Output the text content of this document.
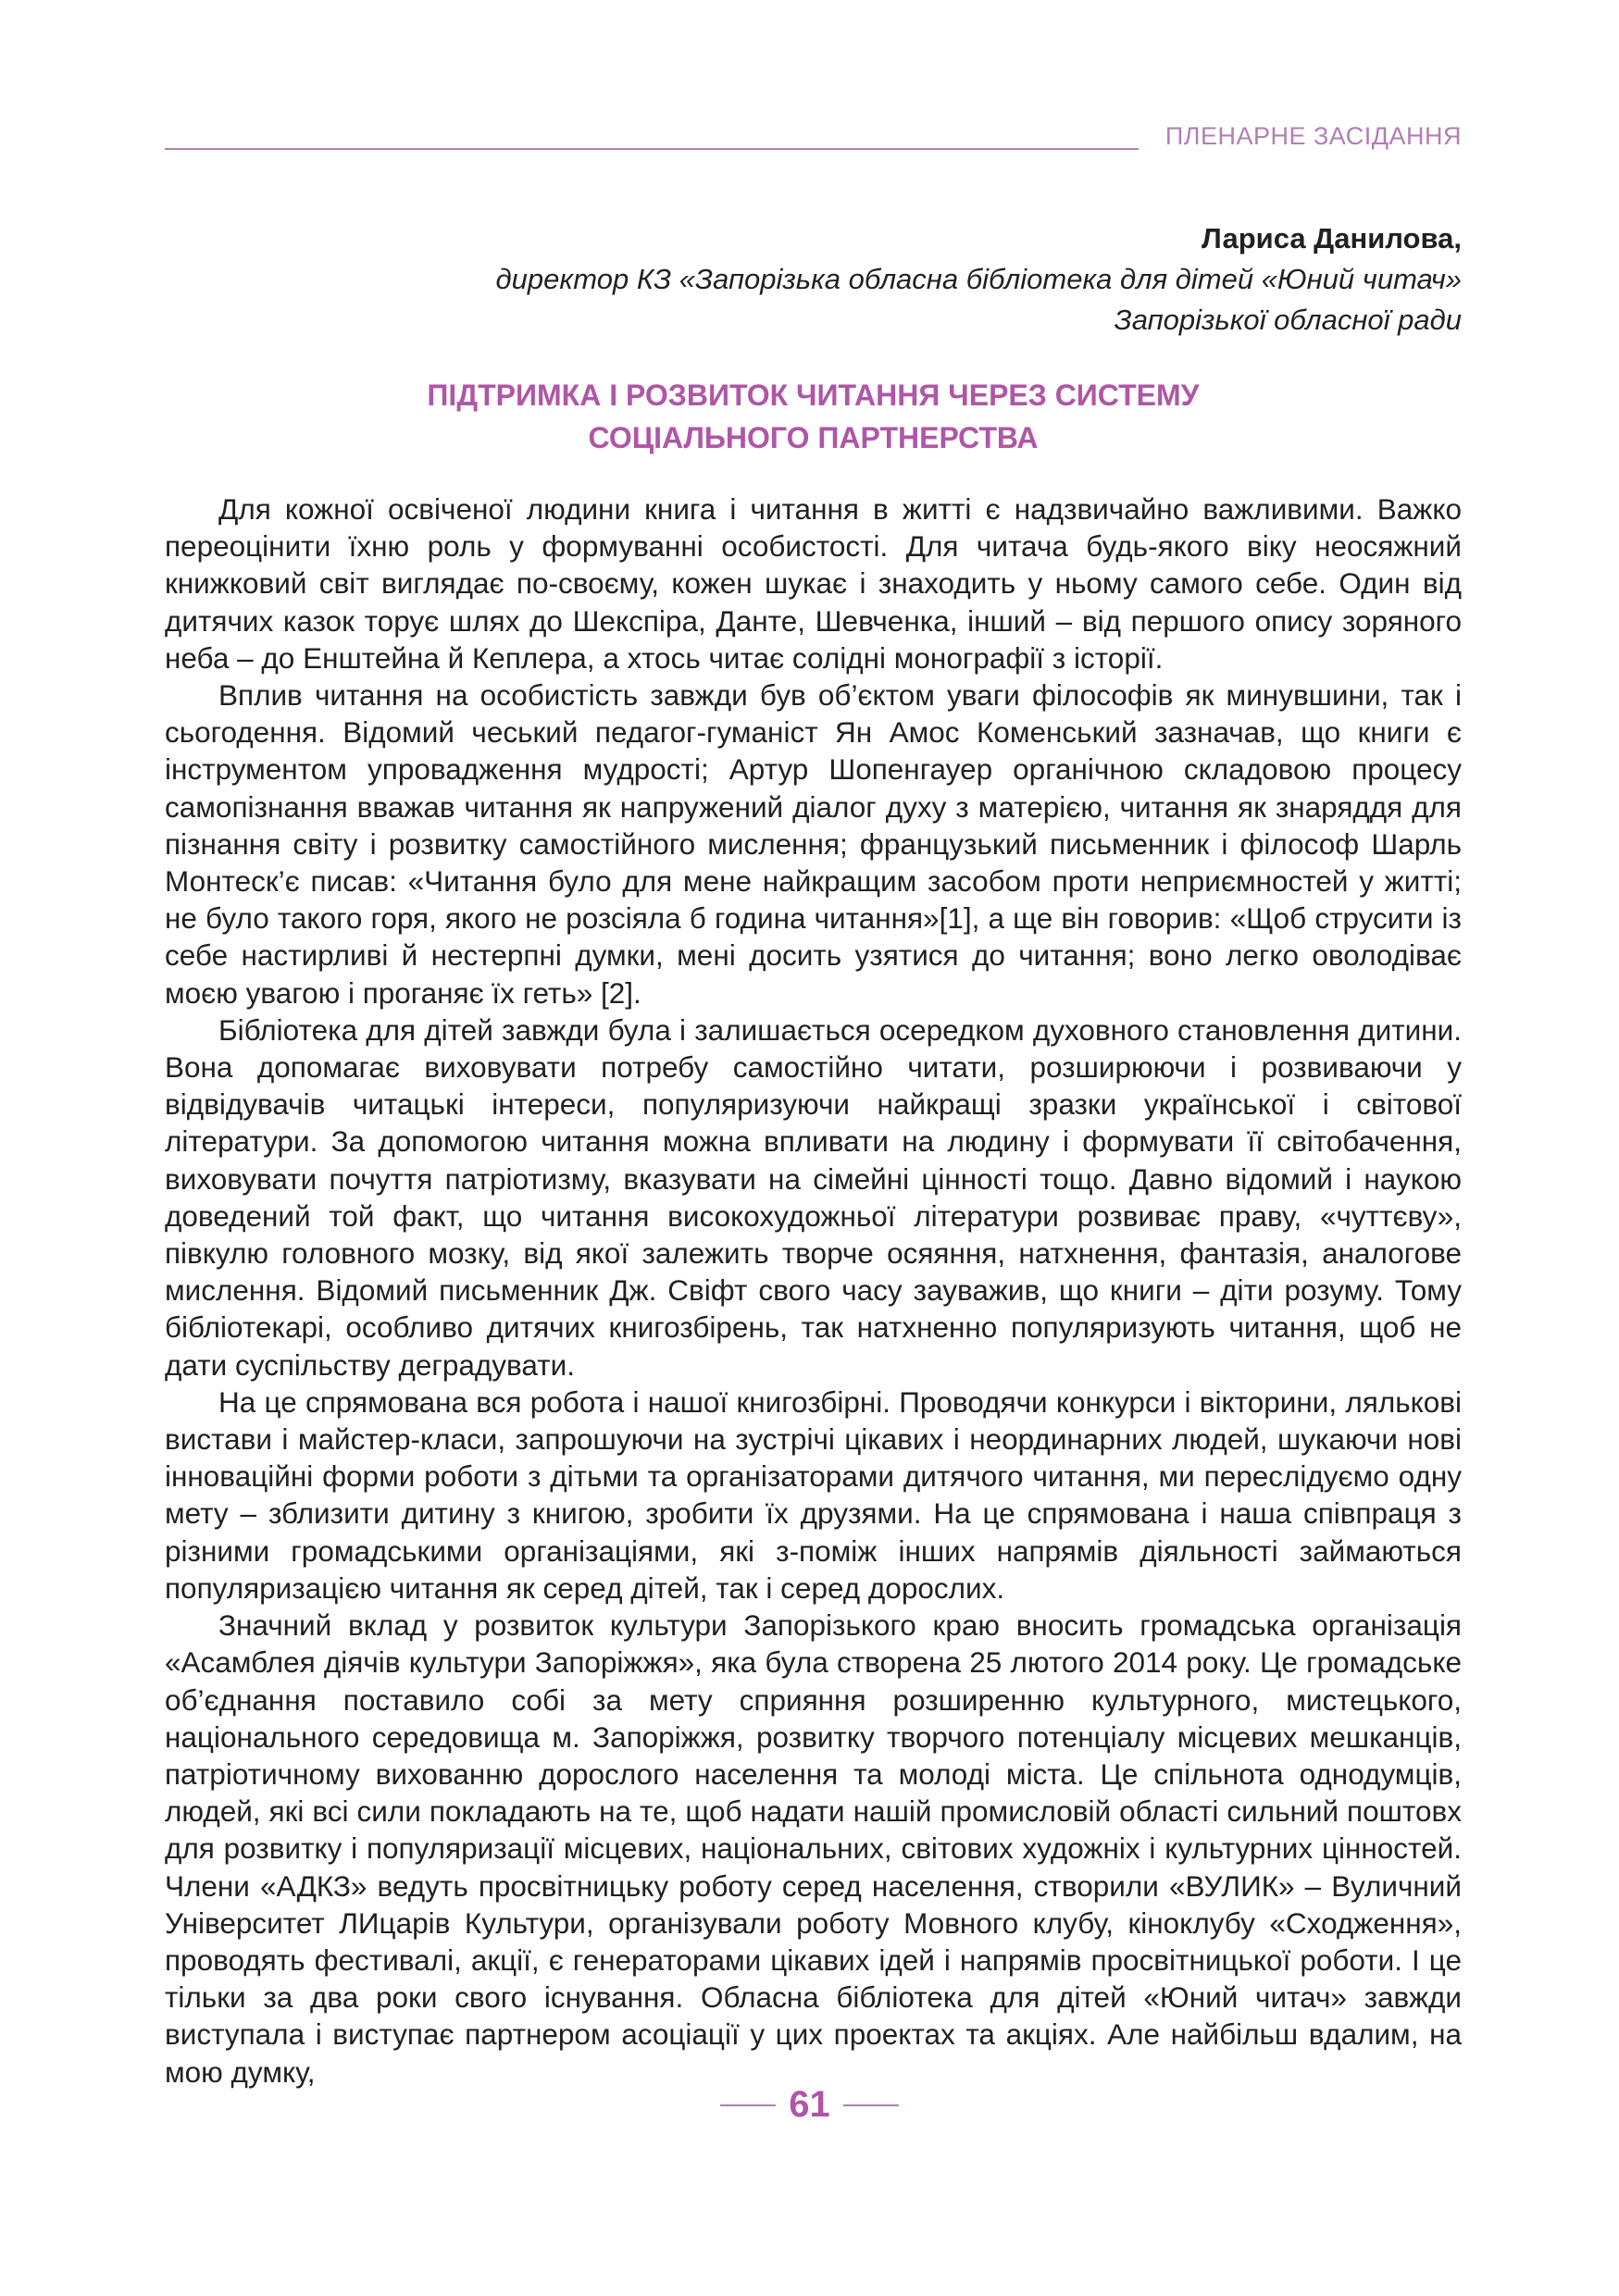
ПЛЕНАРНЕ ЗАСІДАННЯ
Лариса Данилова,
директор КЗ «Запорізька обласна бібліотека для дітей «Юний читач»
Запорізької обласної ради
ПІДТРИМКА І РОЗВИТОК ЧИТАННЯ ЧЕРЕЗ СИСТЕМУ
СОЦІАЛЬНОГО ПАРТНЕРСТВА

Для кожної освіченої людини книга і читання в житті є надзвичайно важливими. Важко переоцінити їхню роль у формуванні особистості. Для читача будь-якого віку неосяжний книжковий світ виглядає по-своєму, кожен шукає і знаходить у ньому самого себе. Один від дитячих казок торує шлях до Шекспіра, Данте, Шевченка, інший – від першого опису зоряного неба – до Енштейна й Кеплера, а хтось читає солідні монографії з історії.

Вплив читання на особистість завжди був об’єктом уваги філософів як минувшини, так і сьогодення. Відомий чеський педагог-гуманіст Ян Амос Коменський зазначав, що книги є інструментом упровадження мудрості; Артур Шопенгауер органічною складовою процесу самопізнання вважав читання як напружений діалог духу з матерією, читання як знаряддя для пізнання світу і розвитку самостійного мислення; французький письменник і філософ Шарль Монтеск’є писав: «Читання було для мене найкращим засобом проти неприємностей у житті; не було такого горя, якого не розсіяла б година читання»[1], а ще він говорив: «Щоб струсити із себе настирливі й нестерпні думки, мені досить узятися до читання; воно легко оволодіває моєю увагою і проганяє їх геть» [2].

Бібліотека для дітей завжди була і залишається осередком духовного становлення дитини. Вона допомагає виховувати потребу самостійно читати, розширюючи і розвиваючи у відвідувачів читацькі інтереси, популяризуючи найкращі зразки української і світової літератури. За допомогою читання можна впливати на людину і формувати її світобачення, виховувати почуття патріотизму, вказувати на сімейні цінності тощо. Давно відомий і наукою доведений той факт, що читання високохудожньої літератури розвиває праву, «чуттєву», півкулю головного мозку, від якої залежить творче осяяння, натхнення, фантазія, аналогове мислення. Відомий письменник Дж. Свіфт свого часу зауважив, що книги – діти розуму. Тому бібліотекарі, особливо дитячих книгозбірень, так натхненно популяризують читання, щоб не дати суспільству деградувати.

На це спрямована вся робота і нашої книгозбірні. Проводячи конкурси і вікторини, лялькові вистави і майстер-класи, запрошуючи на зустрічі цікавих і неординарних людей, шукаючи нові інноваційні форми роботи з дітьми та організаторами дитячого читання, ми переслідуємо одну мету – зблизити дитину з книгою, зробити їх друзями. На це спрямована і наша співпраця з різними громадськими організаціями, які з-поміж інших напрямів діяльності займаються популяризацією читання як серед дітей, так і серед дорослих.

Значний вклад у розвиток культури Запорізького краю вносить громадська організація «Асамблея діячів культури Запоріжжя», яка була створена 25 лютого 2014 року. Це громадське об’єднання поставило собі за мету сприяння розширенню культурного, мистецького, національного середовища м. Запоріжжя, розвитку творчого потенціалу місцевих мешканців, патріотичному вихованню дорослого населення та молоді міста. Це спільнота однодумців, людей, які всі сили покладають на те, щоб надати нашій промисловій області сильний поштовх для розвитку і популяризації місцевих, національних, світових художніх і культурних цінностей. Члени «АДКЗ» ведуть просвітницьку роботу серед населення, створили «ВУЛИК» – Вуличний Університет ЛИцарів Культури, організували роботу Мовного клубу, кіноклубу «Сходження», проводять фестивалі, акції, є генераторами цікавих ідей і напрямів просвітницької роботи. І це тільки за два роки свого існування. Обласна бібліотека для дітей «Юний читач» завжди виступала і виступає партнером асоціації у цих проектах та акціях. Але найбільш вдалим, на мою думку,

61
